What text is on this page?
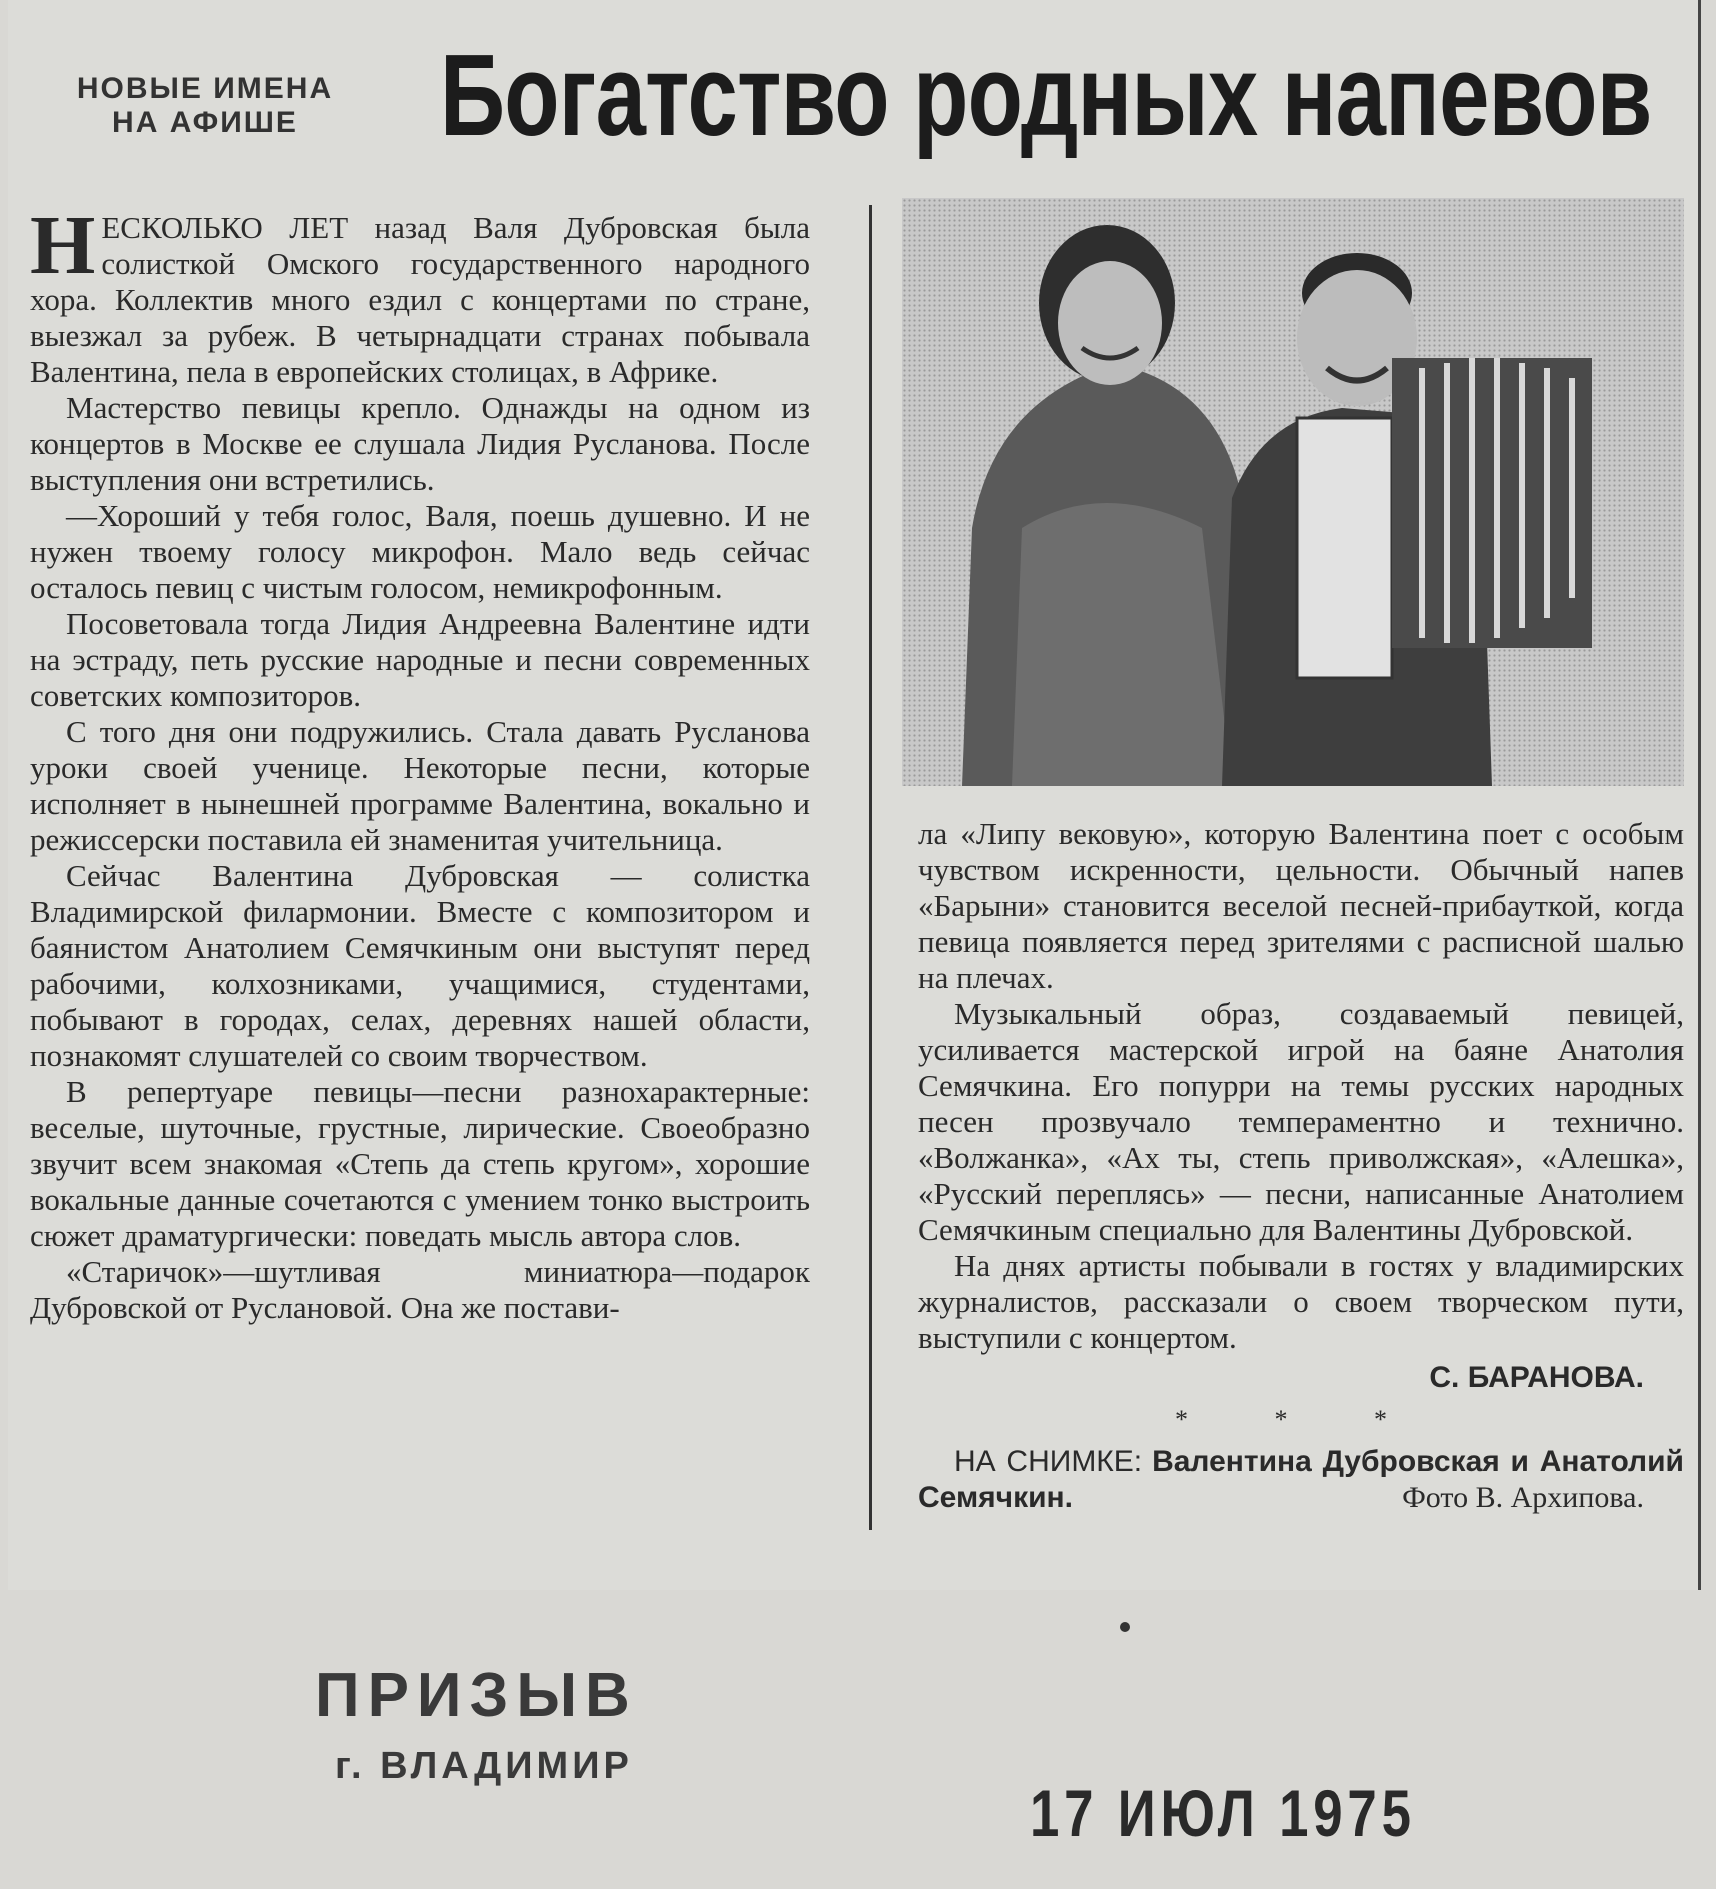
НОВЫЕ ИМЕНА НА АФИШЕ	Богатство родных напевов

НЕСКОЛЬКО ЛЕТ назад Валя Дубровская была солисткой Омского государственного народного хора. Коллектив много ездил с концертами по стране, выезжал за рубеж. В четырнадцати странах побывала Валентина, пела в европейских столицах, в Африке.

Мастерство певицы крепло. Однажды на одном из концертов в Москве ее слушала Лидия Русланова. После выступления они встретились.

—Хороший у тебя голос, Валя, поешь душевно. И не нужен твоему голосу микрофон. Мало ведь сейчас осталось певиц с чистым голосом, немикрофонным.

Посоветовала тогда Лидия Андреевна Валентине идти на эстраду, петь русские народные и песни современных советских композиторов.

С того дня они подружились. Стала давать Русланова уроки своей ученице. Некоторые песни, которые исполняет в нынешней программе Валентина, вокально и режиссерски поставила ей знаменитая учительница.

Сейчас Валентина Дубровская — солистка Владимирской филармонии. Вместе с композитором и баянистом Анатолием Семячкиным они выступят перед рабочими, колхозниками, учащимися, студентами, побывают в городах, селах, деревнях нашей области, познакомят слушателей со своим творчеством.

В репертуаре певицы—песни разнохарактерные: веселые, шуточные, грустные, лирические. Своеобразно звучит всем знакомая «Степь да степь кругом», хорошие вокальные данные сочетаются с умением тонко выстроить сюжет драматургически: поведать мысль автора слов.

«Старичок»—шутливая миниатюра—подарок Дубровской от Руслановой. Она же постави-

ла «Липу вековую», которую Валентина поет с особым чувством искренности, цельности. Обычный напев «Барыни» становится веселой песней-прибауткой, когда певица появляется перед зрителями с расписной шалью на плечах.

Музыкальный образ, создаваемый певицей, усиливается мастерской игрой на баяне Анатолия Семячкина. Его попурри на темы русских народных песен прозвучало темпераментно и технично. «Волжанка», «Ах ты, степь приволжская», «Алешка», «Русский переплясь» — песни, написанные Анатолием Семячкиным специально для Валентины Дубровской.

На днях артисты побывали в гостях у владимирских журналистов, рассказали о своем творческом пути, выступили с концертом.

С. БАРАНОВА.
* * *

НА СНИМКЕ: Валентина Дубровская и Анатолий Семячкин.	Фото В. Архипова.

ПРИЗЫВ
г. ВЛАДИМИР
17 ИЮЛ 1975
